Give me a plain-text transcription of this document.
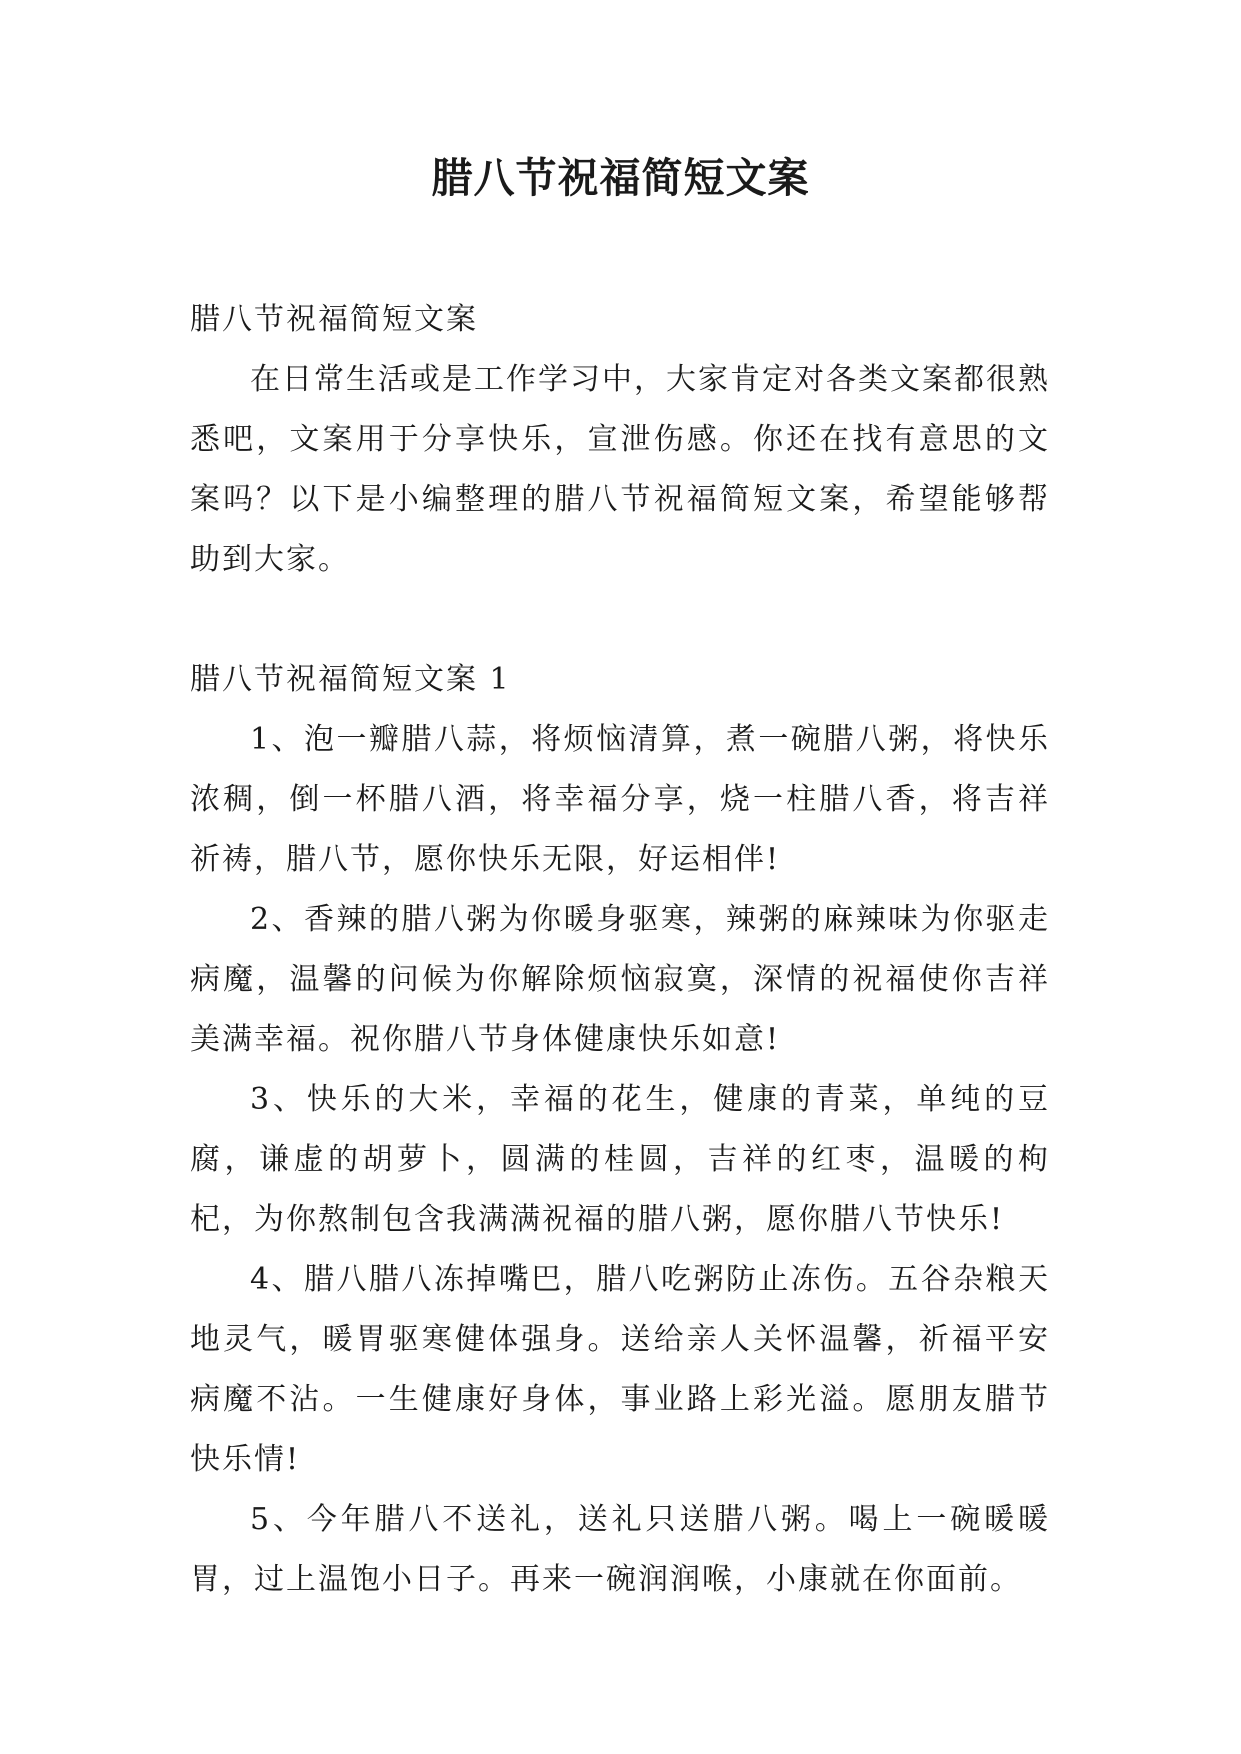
腊八节祝福简短文案

腊八节祝福简短文案

在日常生活或是工作学习中，大家肯定对各类文案都很熟悉吧，文案用于分享快乐，宣泄伤感。你还在找有意思的文案吗？以下是小编整理的腊八节祝福简短文案，希望能够帮助到大家。

腊八节祝福简短文案 1

1、泡一瓣腊八蒜，将烦恼清算，煮一碗腊八粥，将快乐浓稠，倒一杯腊八酒，将幸福分享，烧一柱腊八香，将吉祥祈祷，腊八节，愿你快乐无限，好运相伴!

2、香辣的腊八粥为你暖身驱寒，辣粥的麻辣味为你驱走病魔，温馨的问候为你解除烦恼寂寞，深情的祝福使你吉祥美满幸福。祝你腊八节身体健康快乐如意!

3、快乐的大米，幸福的花生，健康的青菜，单纯的豆腐，谦虚的胡萝卜，圆满的桂圆，吉祥的红枣，温暖的枸杞，为你熬制包含我满满祝福的腊八粥，愿你腊八节快乐!

4、腊八腊八冻掉嘴巴，腊八吃粥防止冻伤。五谷杂粮天地灵气，暖胃驱寒健体强身。送给亲人关怀温馨，祈福平安病魔不沾。一生健康好身体，事业路上彩光溢。愿朋友腊节快乐情!

5、今年腊八不送礼，送礼只送腊八粥。喝上一碗暖暖胃，过上温饱小日子。再来一碗润润喉，小康就在你面前。
